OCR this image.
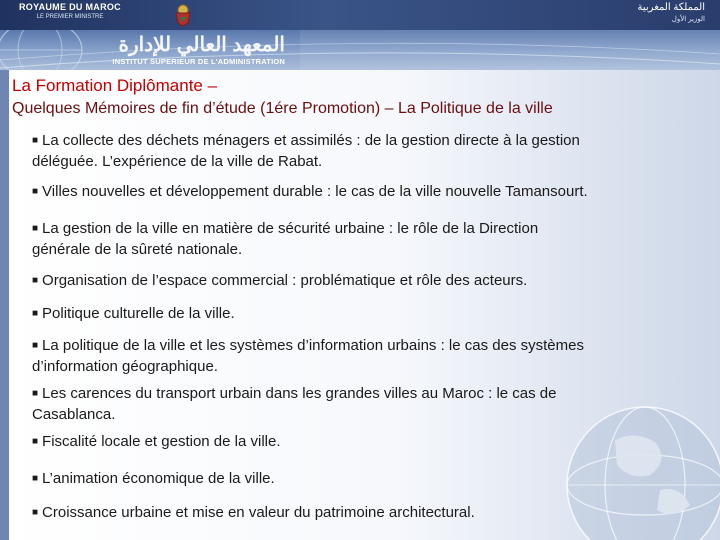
ROYAUME DU MAROC
LE PREMIER MINISTRE
المملكة المغربية
الوزير الأول
المعهد العالي للإدارة
INSTITUT SUPERIEUR DE L'ADMINISTRATION
La Formation Diplômante –
Quelques Mémoires de fin d’étude (1ére Promotion) – La Politique de la ville
■ La collecte des déchets ménagers et assimilés : de la gestion directe à la gestion
déléguée. L’expérience de la ville de Rabat.
■ Villes nouvelles et développement durable : le cas de la ville nouvelle Tamansourt.
■ La gestion de la ville en matière de sécurité urbaine : le rôle de la Direction
générale de la sûreté nationale.
■ Organisation de l’espace commercial : problématique et rôle des acteurs.
■ Politique culturelle de la ville.
■ La politique de la ville et les systèmes d’information urbains : le cas des systèmes
d’information géographique.
■ Les carences du transport urbain dans les grandes villes au Maroc : le cas de
Casablanca.
■ Fiscalité locale et gestion de la ville.
■ L’animation économique de la ville.
■ Croissance urbaine et mise en valeur du patrimoine architectural.
